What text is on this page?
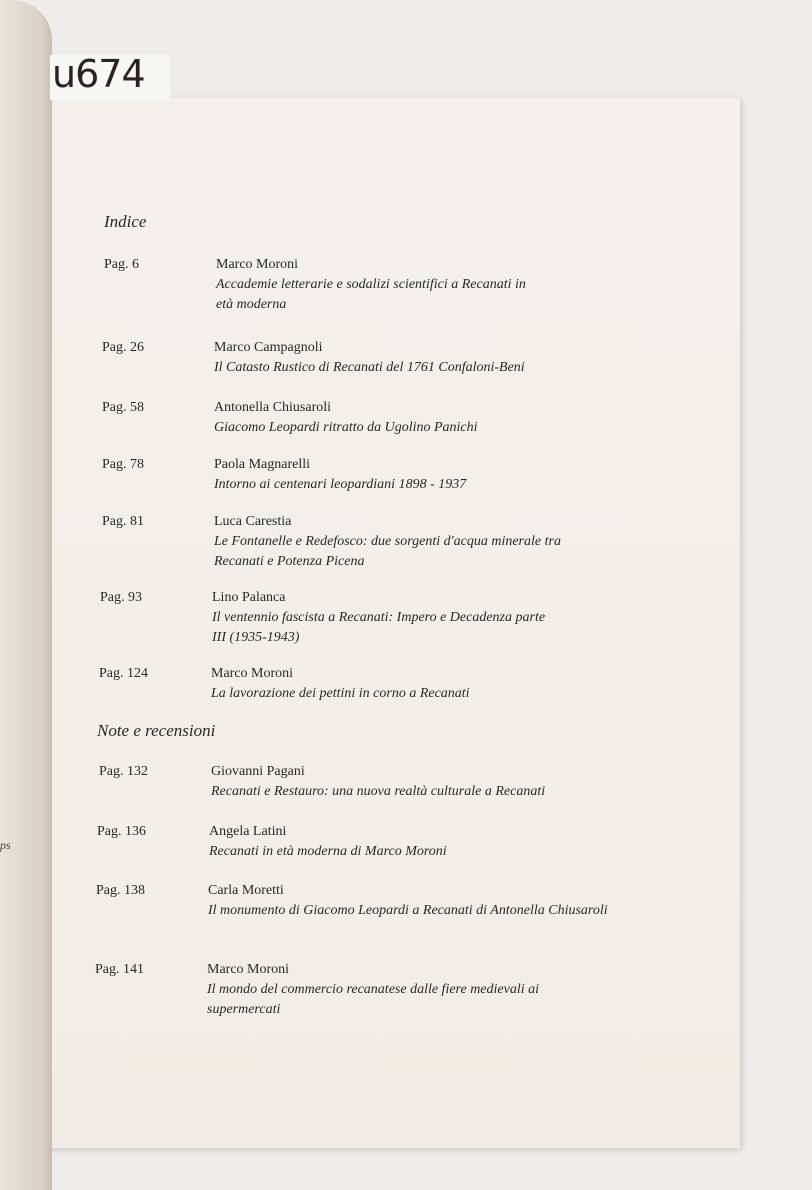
ps
u674
Indice
Note e recensioni
Pag. 6	Marco Moroni
Accademie letterarie e sodalizi scientifici a Recanati in età moderna
Pag. 26	Marco Campagnoli
Il Catasto Rustico di Recanati del 1761 Confaloni-Beni
Pag. 58	Antonella Chiusaroli
Giacomo Leopardi ritratto da Ugolino Panichi
Pag. 78	Paola Magnarelli
Intorno ai centenari leopardiani 1898 - 1937
Pag. 81	Luca Carestia
Le Fontanelle e Redefosco: due sorgenti d'acqua minerale tra Recanati e Potenza Picena
Pag. 93	Lino Palanca
Il ventennio fascista a Recanati: Impero e Decadenza parte III (1935-1943)
Pag. 124	Marco Moroni
La lavorazione dei pettini in corno a Recanati
Pag. 132	Giovanni Pagani
Recanati e Restauro: una nuova realtà culturale a Recanati
Pag. 136	Angela Latini
Recanati in età moderna di Marco Moroni
Pag. 138	Carla Moretti
Il monumento di Giacomo Leopardi a Recanati di Antonella Chiusaroli
Pag. 141	Marco Moroni
Il mondo del commercio recanatese dalle fiere medievali ai supermercati
